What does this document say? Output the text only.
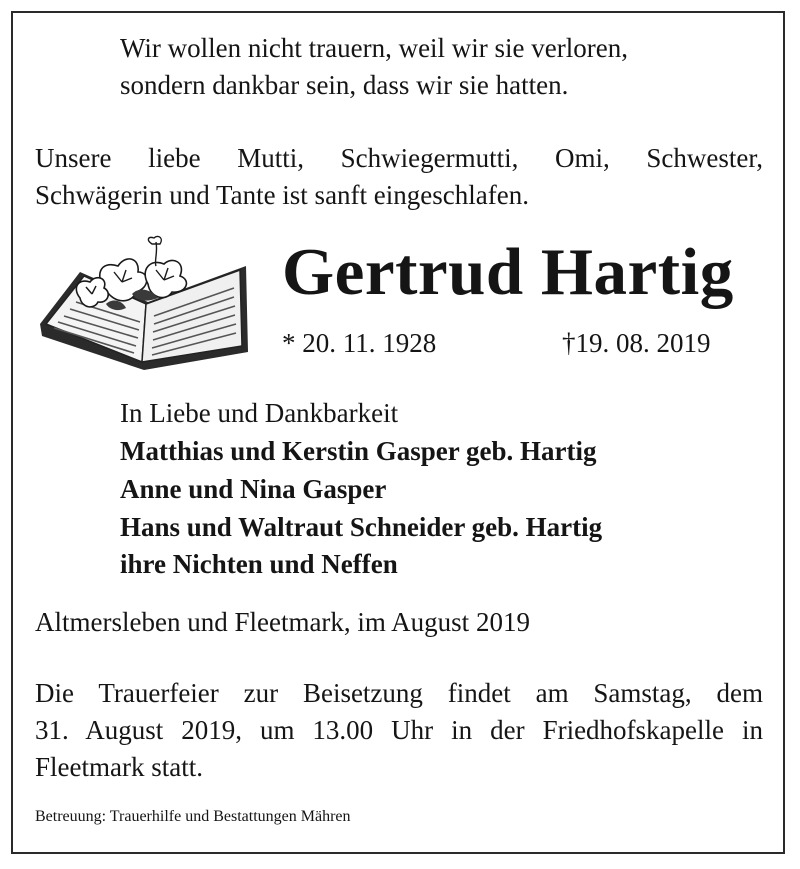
Wir wollen nicht trauern, weil wir sie verloren,

sondern dankbar sein, dass wir sie hatten.

Unsere liebe Mutti, Schwiegermutti, Omi, Schwester,
Schwägerin und Tante ist sanft eingeschlafen.
Gertrud Hartig

* 20. 11. 1928	†19. 08. 2019

In Liebe und Dankbarkeit

Matthias und Kerstin Gasper geb. Hartig

Anne und Nina Gasper

Hans und Waltraut Schneider geb. Hartig

ihre Nichten und Neffen

Altmersleben und Fleetmark, im August 2019

Die Trauerfeier zur Beisetzung findet am Samstag, dem
31. August 2019, um 13.00 Uhr in der Friedhofskapelle in
Fleetmark statt.

Betreuung: Trauerhilfe und Bestattungen Mähren
